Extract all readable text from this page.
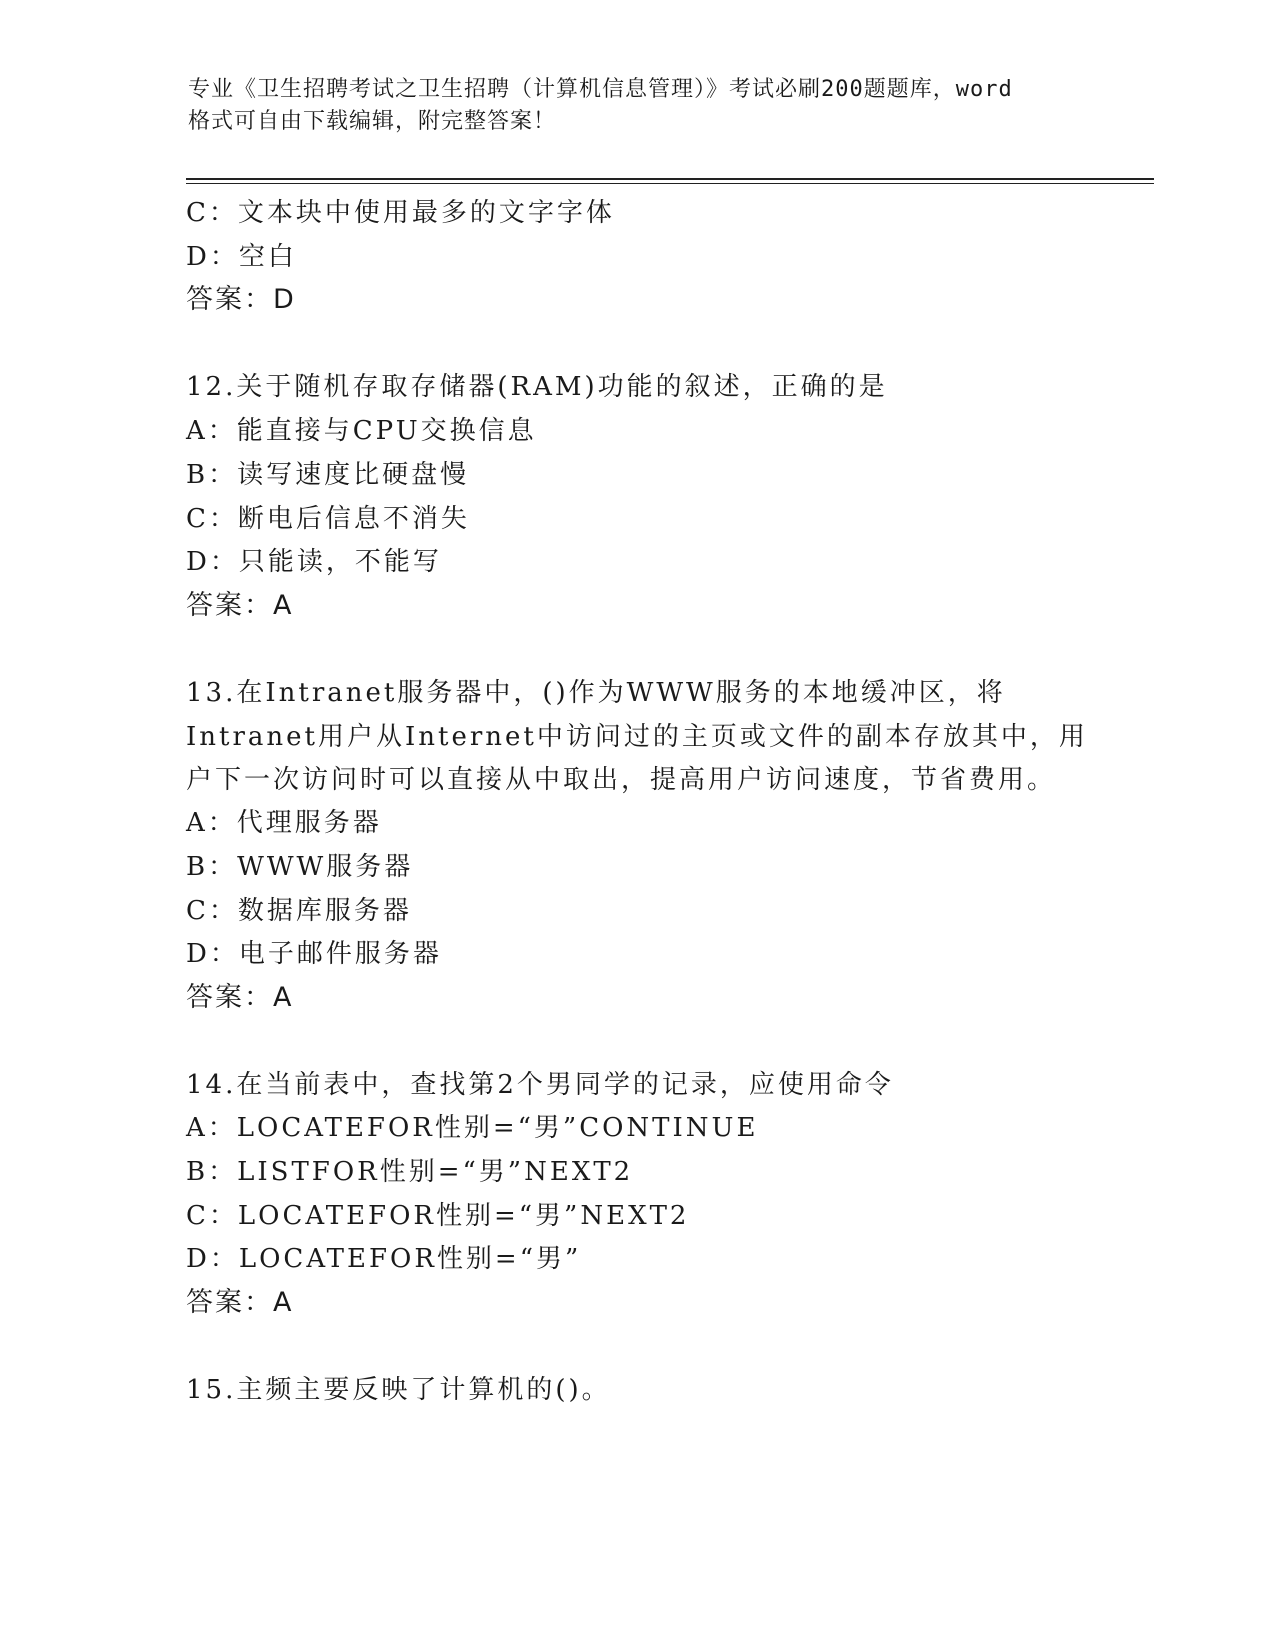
专业《卫生招聘考试之卫生招聘（计算机信息管理）》考试必刷200题题库，word
格式可自由下载编辑，附完整答案！
C：文本块中使用最多的文字字体
D：空白
答案：D
12.关于随机存取存储器(RAM)功能的叙述，正确的是
A：能直接与CPU交换信息
B：读写速度比硬盘慢
C：断电后信息不消失
D：只能读，不能写
答案：A
13.在Intranet服务器中，()作为WWW服务的本地缓冲区，将
Intranet用户从Internet中访问过的主页或文件的副本存放其中，用
户下一次访问时可以直接从中取出，提高用户访问速度，节省费用。
A：代理服务器
B：WWW服务器
C：数据库服务器
D：电子邮件服务器
答案：A
14.在当前表中，查找第2个男同学的记录，应使用命令
A：LOCATEFOR性别=“男”CONTINUE
B：LISTFOR性别=“男”NEXT2
C：LOCATEFOR性别=“男”NEXT2
D：LOCATEFOR性别=“男”
答案：A
15.主频主要反映了计算机的()。
